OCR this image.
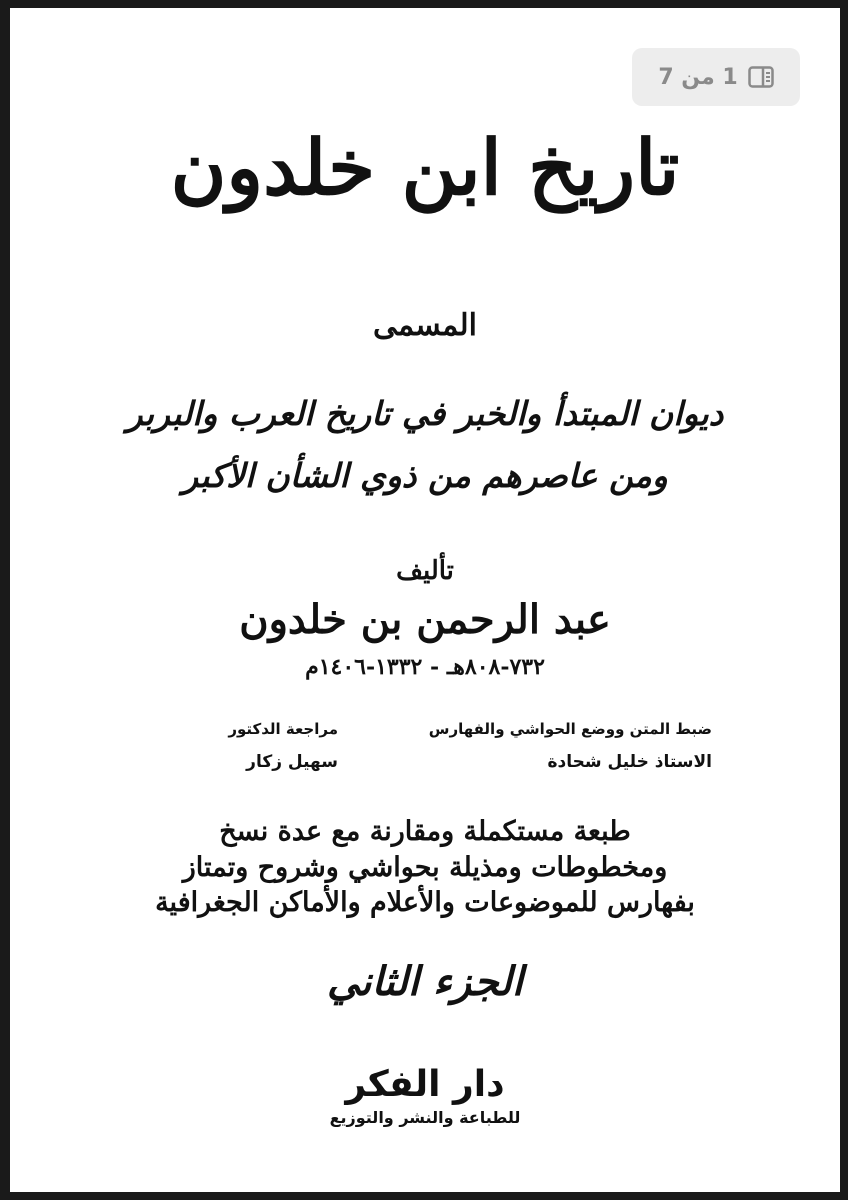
1 من 7
تاريخ ابن خلدون
المسمى
ديوان المبتدأ والخبر في تاريخ العرب والبربر
ومن عاصرهم من ذوي الشأن الأكبر
تأليف
عبد الرحمن بن خلدون
٧٣٢-٨٠٨هـ - ١٣٣٢-١٤٠٦م
ضبط المتن ووضع الحواشي والفهارس
الاستاذ خليل شحادة
مراجعة الدكتور
سهيل زكار
طبعة مستكملة ومقارنة مع عدة نسخ
ومخطوطات ومذيلة بحواشي وشروح وتمتاز
بفهارس للموضوعات والأعلام والأماكن الجغرافية
الجزء الثاني
دار الفكر
للطباعة والنشر والتوزيع
